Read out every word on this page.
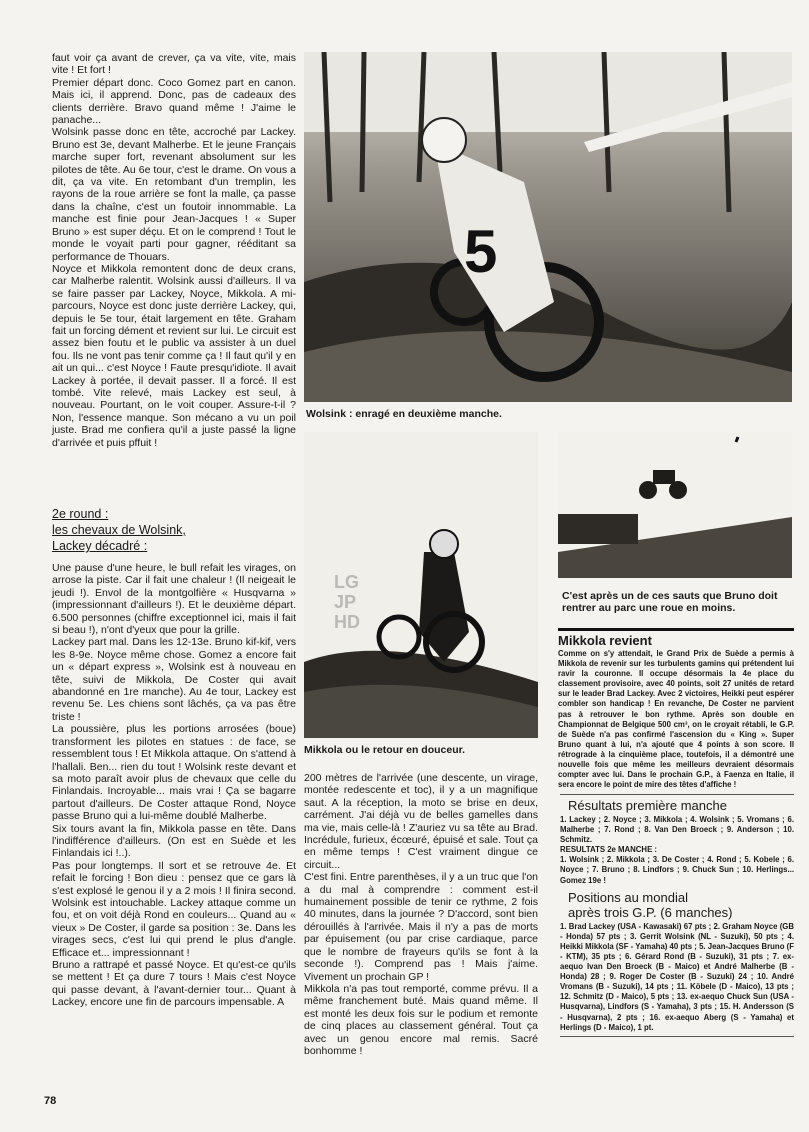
faut voir ça avant de crever, ça va vite, vite, mais vite ! Et fort !

Premier départ donc. Coco Gomez part en canon. Mais ici, il apprend. Donc, pas de cadeaux des clients derrière. Bravo quand même ! J'aime le panache...

Wolsink passe donc en tête, accroché par Lackey. Bruno est 3e, devant Malherbe. Et le jeune Français marche super fort, revenant absolument sur les pilotes de tête. Au 6e tour, c'est le drame. On vous a dit, ça va vite. En retombant d'un tremplin, les rayons de la roue arrière se font la malle, ça passe dans la chaîne, c'est un foutoir innommable. La manche est finie pour Jean-Jacques ! « Super Bruno » est super déçu. Et on le comprend ! Tout le monde le voyait parti pour gagner, rééditant sa performance de Thouars.

Noyce et Mikkola remontent donc de deux crans, car Malherbe ralentit. Wolsink aussi d'ailleurs. Il va se faire passer par Lackey, Noyce, Mikkola. A mi-parcours, Noyce est donc juste derrière Lackey, qui, depuis le 5e tour, était largement en tête. Graham fait un forcing dément et revient sur lui. Le circuit est assez bien foutu et le public va assister à un duel fou. Ils ne vont pas tenir comme ça ! Il faut qu'il y en ait un qui... c'est Noyce ! Faute presqu'idiote. Il avait Lackey à portée, il devait passer. Il a forcé. Il est tombé. Vite relevé, mais Lackey est seul, à nouveau. Pourtant, on le voit couper. Assure-t-il ? Non, l'essence manque. Son mécano a vu un poil juste. Brad me confiera qu'il a juste passé la ligne d'arrivée et puis pffuit !

2e round :
les chevaux de Wolsink,
Lackey décadré :

Une pause d'une heure, le bull refait les virages, on arrose la piste. Car il fait une chaleur ! (Il neigeait le jeudi !). Envol de la montgolfière « Husqvarna » (impressionnant d'ailleurs !). Et le deuxième départ. 6.500 personnes (chiffre exceptionnel ici, mais il fait si beau !), n'ont d'yeux que pour la grille.

Lackey part mal. Dans les 12-13e. Bruno kif-kif, vers les 8-9e. Noyce même chose. Gomez a encore fait un « départ express », Wolsink est à nouveau en tête, suivi de Mikkola, De Coster qui avait abandonné en 1re manche). Au 4e tour, Lackey est revenu 5e. Les chiens sont lâchés, ça va pas être triste !

La poussière, plus les portions arrosées (boue) transforment les pilotes en statues : de face, se ressemblent tous ! Et Mikkola attaque. On s'attend à l'hallali. Ben... rien du tout ! Wolsink reste devant et sa moto paraît avoir plus de chevaux que celle du Finlandais. Incroyable... mais vrai ! Ça se bagarre partout d'ailleurs. De Coster attaque Rond, Noyce passe Bruno qui a lui-même doublé Malherbe.

Six tours avant la fin, Mikkola passe en tête. Dans l'indifférence d'ailleurs. (On est en Suède et les Finlandais ici !..).

Pas pour longtemps. Il sort et se retrouve 4e. Et refait le forcing ! Bon dieu : pensez que ce gars là s'est explosé le genou il y a 2 mois ! Il finira second. Wolsink est intouchable. Lackey attaque comme un fou, et on voit déjà Rond en couleurs... Quand au « vieux » De Coster, il garde sa position : 3e. Dans les virages secs, c'est lui qui prend le plus d'angle. Efficace et... impressionnant !

Bruno a rattrapé et passé Noyce. Et qu'est-ce qu'ils se mettent ! Et ça dure 7 tours ! Mais c'est Noyce qui passe devant, à l'avant-dernier tour... Quant à Lackey, encore une fin de parcours impensable. A

78
5
Wolsink : enragé en deuxième manche.
LG JP HD
Mikkola ou le retour en douceur.
C'est après un de ces sauts que Bruno doit rentrer au parc une roue en moins.

200 mètres de l'arrivée (une descente, un virage, montée redescente et toc), il y a un magnifique saut. A la réception, la moto se brise en deux, carrément. J'ai déjà vu de belles gamelles dans ma vie, mais celle-là ! Z'auriez vu sa tête au Brad. Incrédule, furieux, écœuré, épuisé et sale. Tout ça en même temps ! C'est vraiment dingue ce circuit...

C'est fini. Entre parenthèses, il y a un truc que l'on a du mal à comprendre : comment est-il humainement possible de tenir ce rythme, 2 fois 40 minutes, dans la journée ? D'accord, sont bien dérouillés à l'arrivée. Mais il n'y a pas de morts par épuisement (ou par crise cardiaque, parce que le nombre de frayeurs qu'ils se font à la seconde !). Comprend pas ! Mais j'aime. Vivement un prochain GP !

Mikkola n'a pas tout remporté, comme prévu. Il a même franchement buté. Mais quand même. Il est monté les deux fois sur le podium et remonte de cinq places au classement général. Tout ça avec un genou encore mal remis. Sacré bonhomme !

Mikkola revient
Comme on s'y attendait, le Grand Prix de Suède a permis à Mikkola de revenir sur les turbulents gamins qui prétendent lui ravir la couronne. Il occupe désormais la 4e place du classement provisoire, avec 40 points, soit 27 unités de retard sur le leader Brad Lackey. Avec 2 victoires, Heikki peut espérer combler son handicap ! En revanche, De Coster ne parvient pas à retrouver le bon rythme. Après son double en Championnat de Belgique 500 cm³, on le croyait rétabli, le G.P. de Suède n'a pas confirmé l'ascension du « King ». Super Bruno quant à lui, n'a ajouté que 4 points à son score. Il rétrograde à la cinquième place, toutefois, il a démontré une nouvelle fois que même les meilleurs devraient désormais compter avec lui. Dans le prochain G.P., à Faenza en Italie, il sera encore le point de mire des têtes d'affiche !
Résultats première manche
1. Lackey ; 2. Noyce ; 3. Mikkola ; 4. Wolsink ; 5. Vromans ; 6. Malherbe ; 7. Rond ; 8. Van Den Broeck ; 9. Anderson ; 10. Schmitz.
RESULTATS 2e MANCHE :
1. Wolsink ; 2. Mikkola ; 3. De Coster ; 4. Rond ; 5. Kobele ; 6. Noyce ; 7. Bruno ; 8. Lindfors ; 9. Chuck Sun ; 10. Herlings... Gomez 19e !
Positions au mondial
après trois G.P. (6 manches)
1. Brad Lackey (USA - Kawasaki) 67 pts ; 2. Graham Noyce (GB - Honda) 57 pts ; 3. Gerrit Wolsink (NL - Suzuki), 50 pts ; 4. Heikki Mikkola (SF - Yamaha) 40 pts ; 5. Jean-Jacques Bruno (F - KTM), 35 pts ; 6. Gérard Rond (B - Suzuki), 31 pts ; 7. ex-aequo Ivan Den Broeck (B - Maico) et André Malherbe (B - Honda) 28 ; 9. Roger De Coster (B - Suzuki) 24 ; 10. André Vromans (B - Suzuki), 14 pts ; 11. Köbele (D - Maico), 13 pts ; 12. Schmitz (D - Maico), 5 pts ; 13. ex-aequo Chuck Sun (USA - Husqvarna), Lindfors (S - Yamaha), 3 pts ; 15. H. Andersson (S - Husqvarna), 2 pts ; 16. ex-aequo Aberg (S - Yamaha) et Herlings (D - Maico), 1 pt.
